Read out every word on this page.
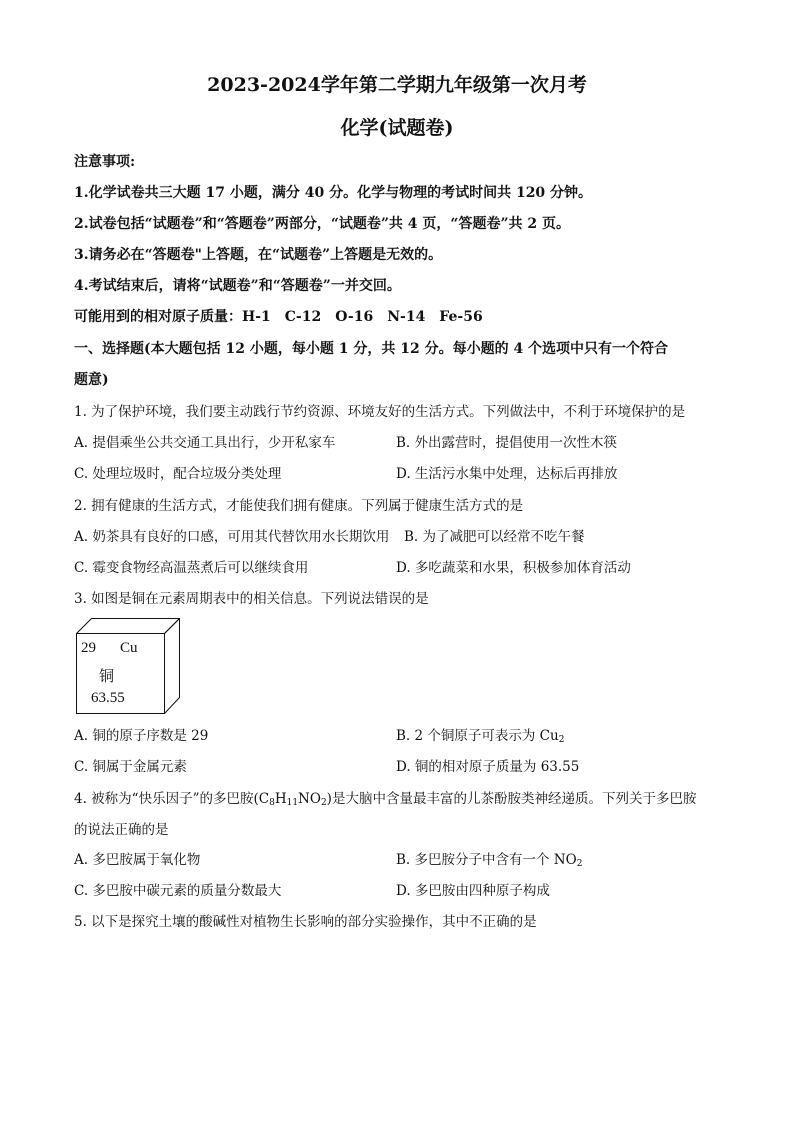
2023-2024学年第二学期九年级第一次月考
化学(试题卷)
注意事项:
1.化学试卷共三大题 17 小题，满分 40 分。化学与物理的考试时间共 120 分钟。
2.试卷包括“试题卷”和“答题卷”两部分，“试题卷”共 4 页，“答题卷”共 2 页。
3.请务必在“答题卷"上答题，在“试题卷”上答题是无效的。
4.考试结束后，请将“试题卷”和“答题卷”一并交回。
可能用到的相对原子质量：H-1　C-12　O-16　N-14　Fe-56
一、选择题(本大题包括 12 小题，每小题 1 分，共 12 分。每小题的 4 个选项中只有一个符合
题意)
1. 为了保护环境，我们要主动践行节约资源、环境友好的生活方式。下列做法中，不利于环境保护的是
A. 提倡乘坐公共交通工具出行，少开私家车	B. 外出露营时，提倡使用一次性木筷
C. 处理垃圾时，配合垃圾分类处理	D. 生活污水集中处理，达标后再排放
2. 拥有健康的生活方式，才能使我们拥有健康。下列属于健康生活方式的是
A. 奶茶具有良好的口感，可用其代替饮用水长期饮用 B. 为了减肥可以经常不吃午餐
C. 霉变食物经高温蒸煮后可以继续食用	D. 多吃蔬菜和水果，积极参加体育活动
3. 如图是铜在元素周期表中的相关信息。下列说法错误的是
29 Cu
铜
63.55
A. 铜的原子序数是 29	B. 2 个铜原子可表示为 $Cu_2$
C. 铜属于金属元素	D. 铜的相对原子质量为 63.55
4. 被称为“快乐因子”的多巴胺$(C_8H_{11}NO_2)$是大脑中含量最丰富的儿茶酚胺类神经递质。下列关于多巴胺
的说法正确的是
A. 多巴胺属于氧化物	B. 多巴胺分子中含有一个 $NO_2$
C. 多巴胺中碳元素的质量分数最大	D. 多巴胺由四种原子构成
5. 以下是探究土壤的酸碱性对植物生长影响的部分实验操作，其中不正确的是
